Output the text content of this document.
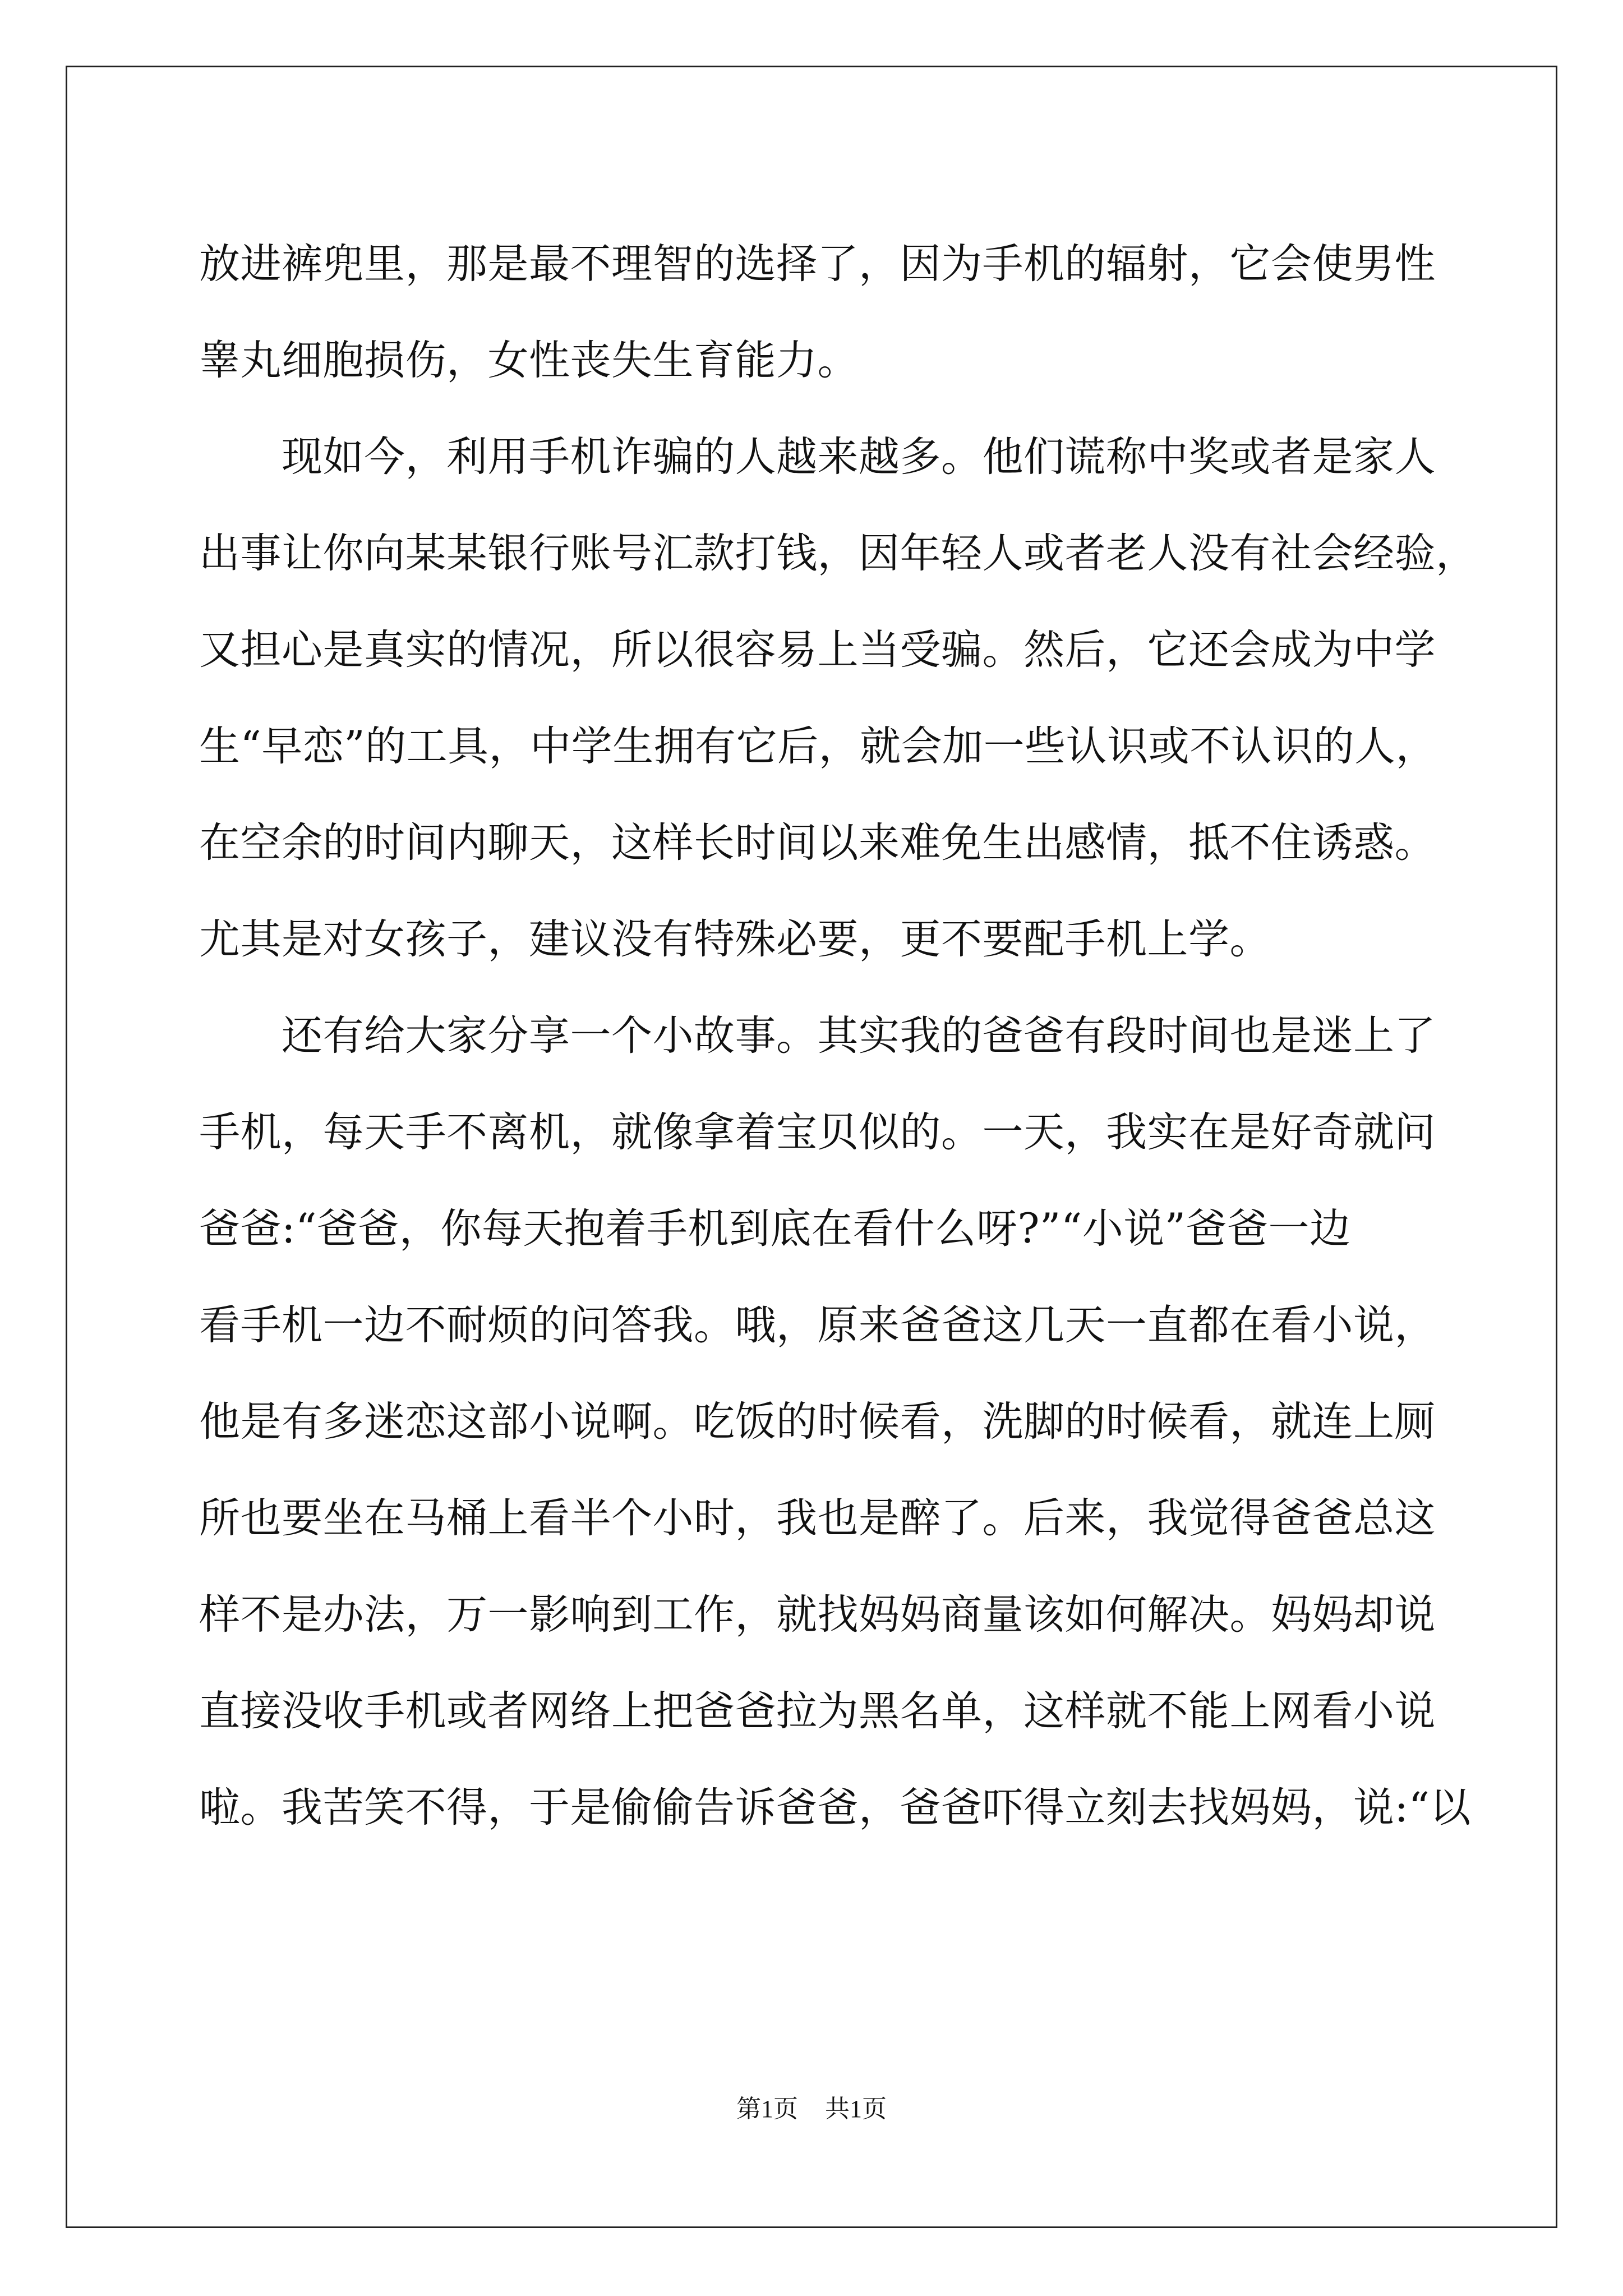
放进裤兜里，那是最不理智的选择了，因为手机的辐射，它会使男性
睾丸细胞损伤，女性丧失生育能力。
　　现如今，利用手机诈骗的人越来越多。他们谎称中奖或者是家人
出事让你向某某银行账号汇款打钱，因年轻人或者老人没有社会经验，
又担心是真实的情况，所以很容易上当受骗。然后，它还会成为中学
生“早恋”的工具，中学生拥有它后，就会加一些认识或不认识的人，
在空余的时间内聊天，这样长时间以来难免生出感情，抵不住诱惑。
尤其是对女孩子，建议没有特殊必要，更不要配手机上学。
　　还有给大家分享一个小故事。其实我的爸爸有段时间也是迷上了
手机，每天手不离机，就像拿着宝贝似的。一天，我实在是好奇就问
爸爸:“爸爸，你每天抱着手机到底在看什么呀?”“小说”爸爸一边
看手机一边不耐烦的问答我。哦，原来爸爸这几天一直都在看小说，
他是有多迷恋这部小说啊。吃饭的时候看，洗脚的时候看，就连上厕
所也要坐在马桶上看半个小时，我也是醉了。后来，我觉得爸爸总这
样不是办法，万一影响到工作，就找妈妈商量该如何解决。妈妈却说
直接没收手机或者网络上把爸爸拉为黑名单，这样就不能上网看小说
啦。我苦笑不得，于是偷偷告诉爸爸，爸爸吓得立刻去找妈妈，说:“以
第1页 共1页
